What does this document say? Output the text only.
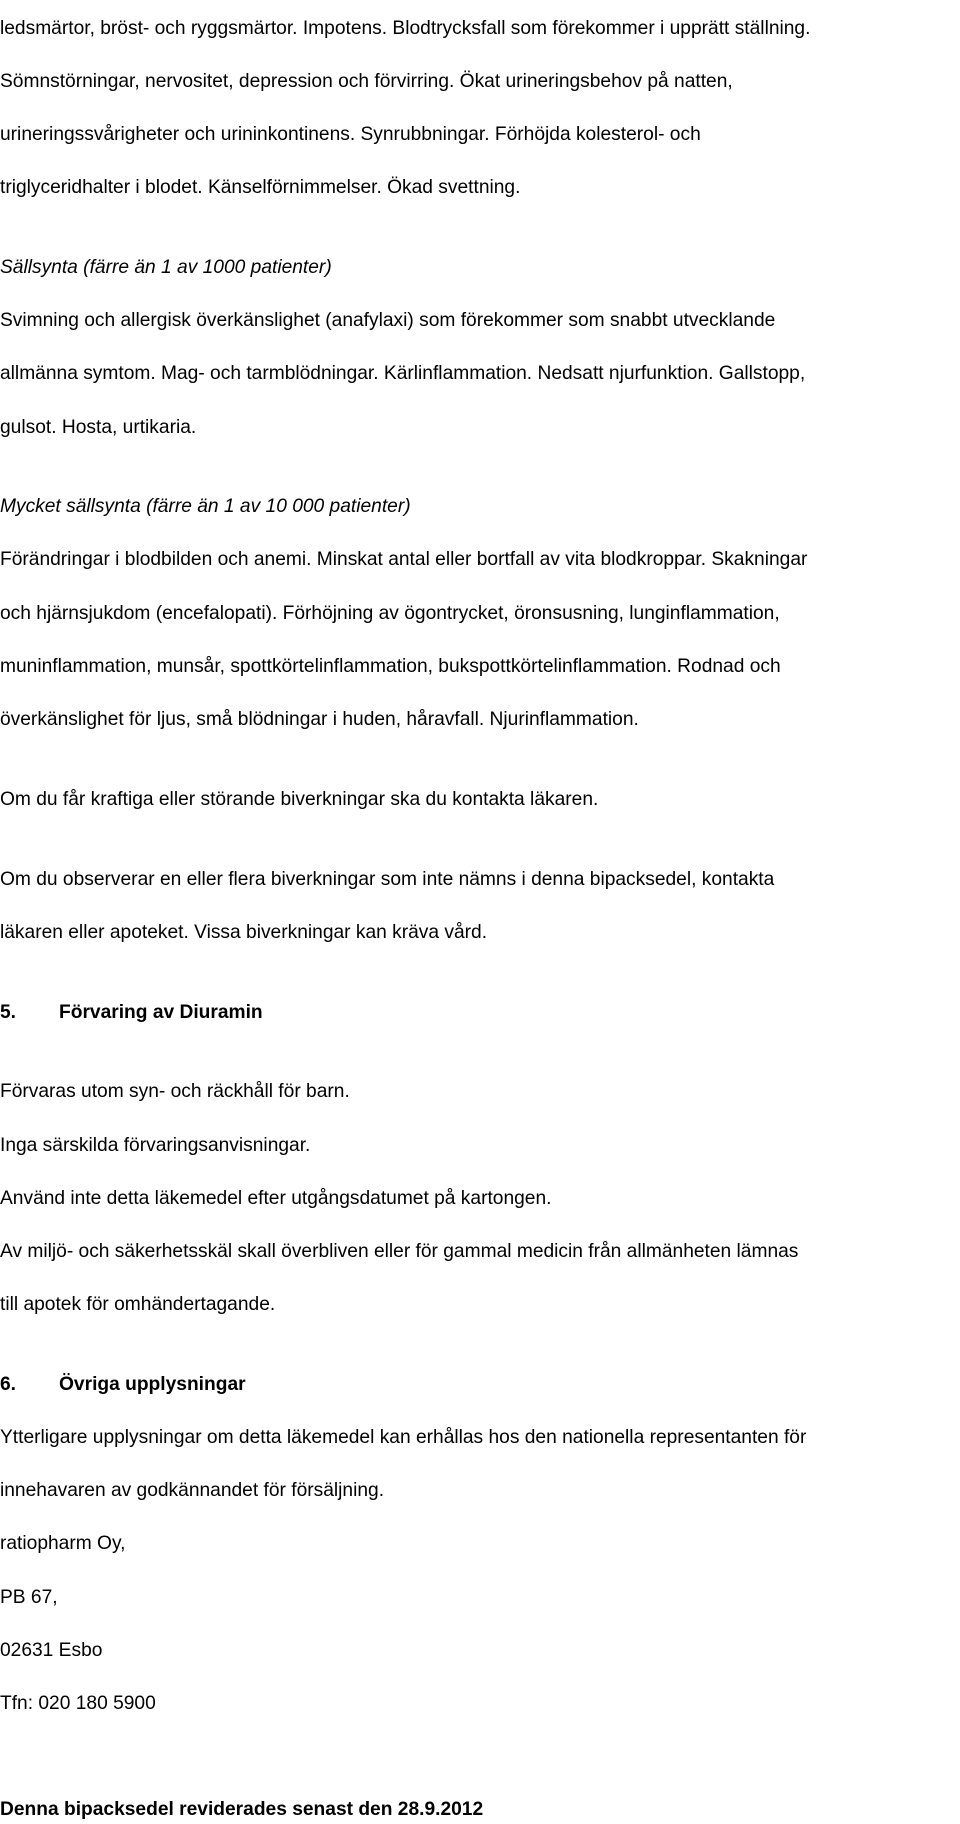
ledsmärtor, bröst- och ryggsmärtor. Impotens. Blodtrycksfall som förekommer i upprätt ställning.

Sömnstörningar, nervositet, depression och förvirring. Ökat urineringsbehov på natten,

urineringssvårigheter och urininkontinens. Synrubbningar. Förhöjda kolesterol- och

triglyceridhalter i blodet. Känselförnimmelser. Ökad svettning.

Sällsynta (färre än 1 av 1000 patienter)

Svimning och allergisk överkänslighet (anafylaxi) som förekommer som snabbt utvecklande

allmänna symtom. Mag- och tarmblödningar. Kärlinflammation. Nedsatt njurfunktion. Gallstopp,

gulsot. Hosta, urtikaria.

Mycket sällsynta (färre än 1 av 10 000 patienter)

Förändringar i blodbilden och anemi. Minskat antal eller bortfall av vita blodkroppar. Skakningar

och hjärnsjukdom (encefalopati). Förhöjning av ögontrycket, öronsusning, lunginflammation,

muninflammation, munsår, spottkörtelinflammation, bukspottkörtelinflammation. Rodnad och

överkänslighet för ljus, små blödningar i huden, håravfall. Njurinflammation.

Om du får kraftiga eller störande biverkningar ska du kontakta läkaren.

Om du observerar en eller flera biverkningar som inte nämns i denna bipacksedel, kontakta

läkaren eller apoteket. Vissa biverkningar kan kräva vård.

5.	Förvaring av Diuramin

Förvaras utom syn- och räckhåll för barn.

Inga särskilda förvaringsanvisningar.

Använd inte detta läkemedel efter utgångsdatumet på kartongen.

Av miljö- och säkerhetsskäl skall överbliven eller för gammal medicin från allmänheten lämnas

till apotek för omhändertagande.

6.	Övriga upplysningar

Ytterligare upplysningar om detta läkemedel kan erhållas hos den nationella representanten för

innehavaren av godkännandet för försäljning.

ratiopharm Oy,

PB 67,

02631 Esbo

Tfn: 020 180 5900

Denna bipacksedel reviderades senast den 28.9.2012
